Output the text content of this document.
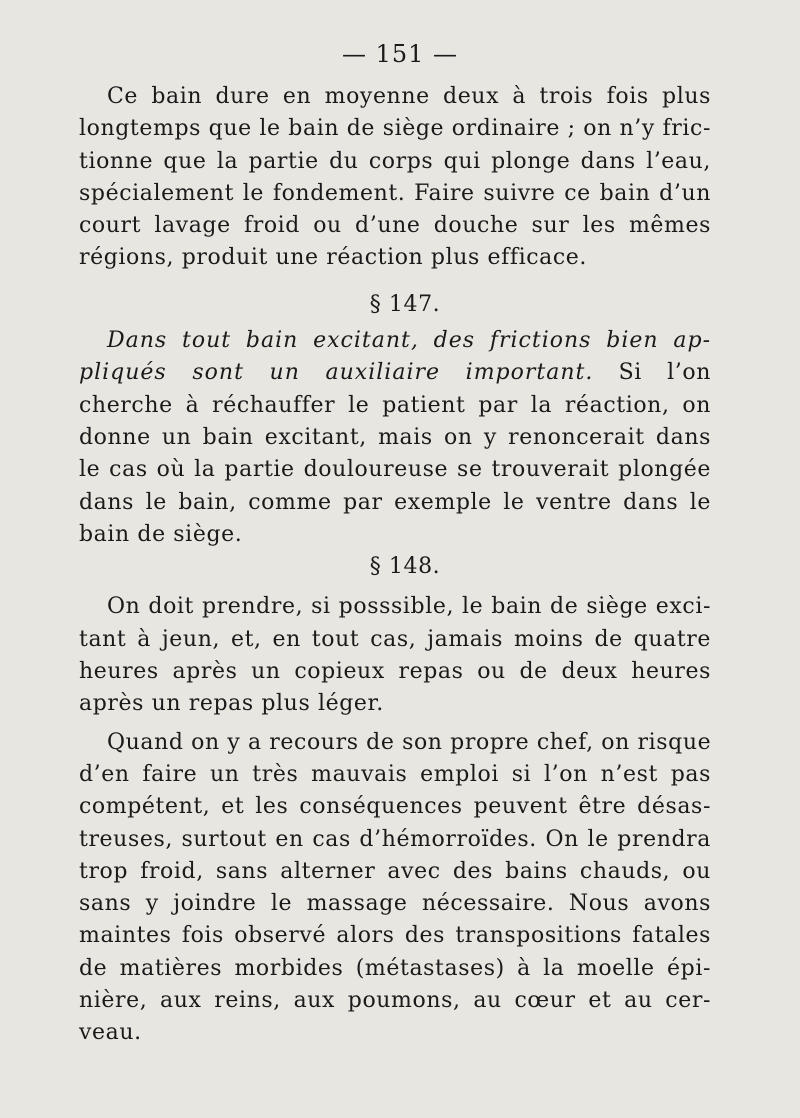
— 151 —
Ce bain dure en moyenne deux à trois fois plus
longtemps que le bain de siège ordinaire ; on n’y fric-
tionne que la partie du corps qui plonge dans l’eau,
spécialement le fondement. Faire suivre ce bain d’un
court lavage froid ou d’une douche sur les mêmes
régions, produit une réaction plus efficace.
§ 147.
Dans tout bain excitant, des frictions bien ap-
pliqués sont un auxiliaire important. Si l’on
cherche à réchauffer le patient par la réaction, on
donne un bain excitant, mais on y renoncerait dans
le cas où la partie douloureuse se trouverait plongée
dans le bain, comme par exemple le ventre dans le
bain de siège.
§ 148.
On doit prendre, si posssible, le bain de siège exci-
tant à jeun, et, en tout cas, jamais moins de quatre
heures après un copieux repas ou de deux heures
après un repas plus léger.
Quand on y a recours de son propre chef, on risque
d’en faire un très mauvais emploi si l’on n’est pas
compétent, et les conséquences peuvent être désas-
treuses, surtout en cas d’hémorroïdes. On le prendra
trop froid, sans alterner avec des bains chauds, ou
sans y joindre le massage nécessaire. Nous avons
maintes fois observé alors des transpositions fatales
de matières morbides (métastases) à la moelle épi-
nière, aux reins, aux poumons, au cœur et au cer-
veau.
